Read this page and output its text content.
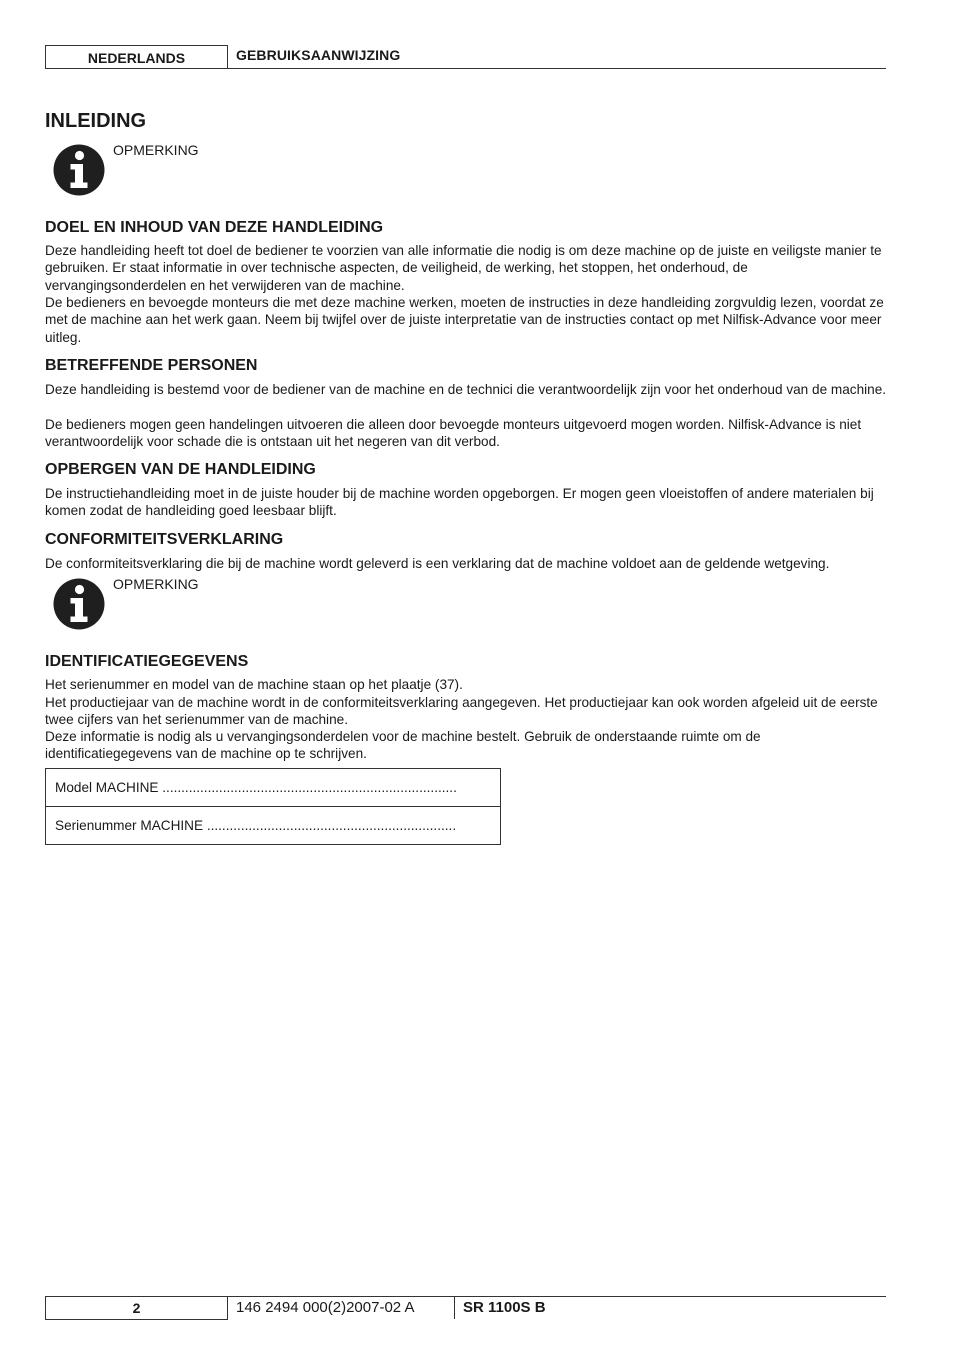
NEDERLANDS	GEBRUIKSAANWIJZING
INLEIDING
OPMERKING
DOEL EN INHOUD VAN DEZE HANDLEIDING
Deze handleiding heeft tot doel de bediener te voorzien van alle informatie die nodig is om deze machine op de juiste en veiligste manier te gebruiken. Er staat informatie in over technische aspecten, de veiligheid, de werking, het stoppen, het onderhoud, de vervangingsonderdelen en het verwijderen van de machine.
De bedieners en bevoegde monteurs die met deze machine werken, moeten de instructies in deze handleiding zorgvuldig lezen, voordat ze met de machine aan het werk gaan. Neem bij twijfel over de juiste interpretatie van de instructies contact op met Nilfisk-Advance voor meer uitleg.
BETREFFENDE PERSONEN
Deze handleiding is bestemd voor de bediener van de machine en de technici die verantwoordelijk zijn voor het onderhoud van de machine.
De bedieners mogen geen handelingen uitvoeren die alleen door bevoegde monteurs uitgevoerd mogen worden. Nilfisk-Advance is niet verantwoordelijk voor schade die is ontstaan uit het negeren van dit verbod.
OPBERGEN VAN DE HANDLEIDING
De instructiehandleiding moet in de juiste houder bij de machine worden opgeborgen. Er mogen geen vloeistoffen of andere materialen bij komen zodat de handleiding goed leesbaar blijft.
CONFORMITEITSVERKLARING
De conformiteitsverklaring die bij de machine wordt geleverd is een verklaring dat de machine voldoet aan de geldende wetgeving.
OPMERKING
IDENTIFICATIEGEGEVENS
Het serienummer en model van de machine staan op het plaatje (37).
Het productiejaar van de machine wordt in de conformiteitsverklaring aangegeven. Het productiejaar kan ook worden afgeleid uit de eerste twee cijfers van het serienummer van de machine.
Deze informatie is nodig als u vervangingsonderdelen voor de machine bestelt. Gebruik de onderstaande ruimte om de identificatiegegevens van de machine op te schrijven.
Model MACHINE ..............................................................................
Serienummer MACHINE ..................................................................
2	146 2494 000(2)2007-02 A	SR 1100S B
